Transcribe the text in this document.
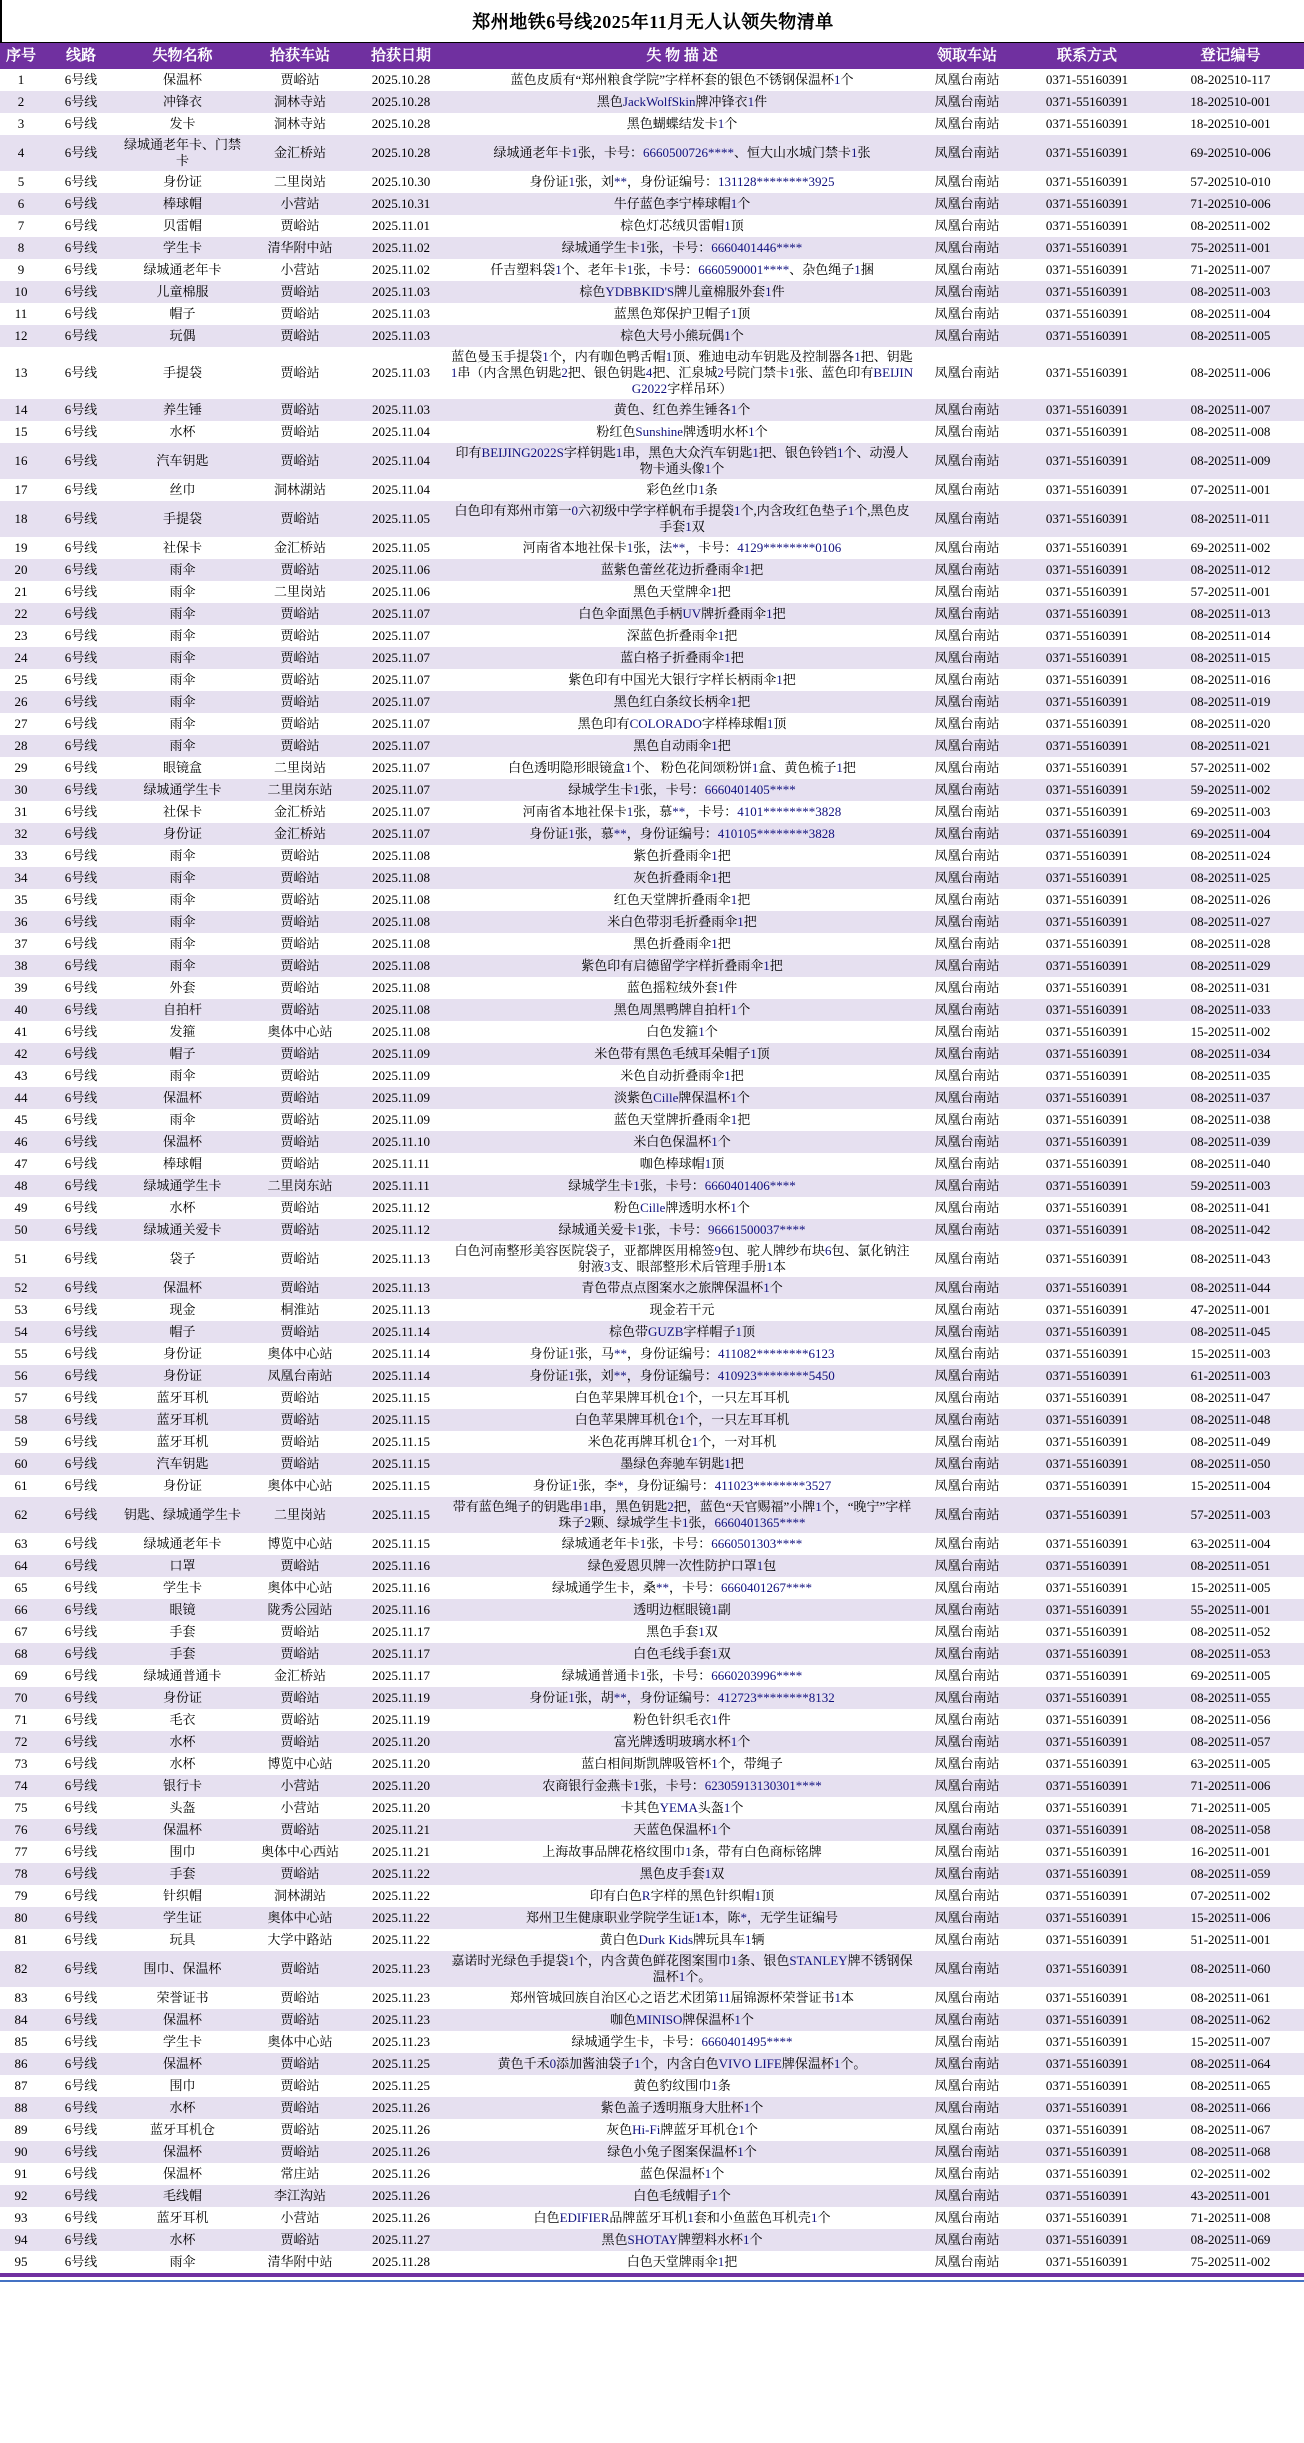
郑州地铁6号线2025年11月无人认领失物清单
序号	线路	失物名称	拾获车站	拾获日期	失 物 描 述	领取车站	联系方式	登记编号
1	6号线	保温杯	贾峪站	2025.10.28	蓝色皮质有“郑州粮食学院”字样杯套的银色不锈钢保温杯1个	凤凰台南站	0371-55160391	08-202510-117
2	6号线	冲锋衣	洞林寺站	2025.10.28	黑色JackWolfSkin牌冲锋衣1件	凤凰台南站	0371-55160391	18-202510-001
3	6号线	发卡	洞林寺站	2025.10.28	黑色蝴蝶结发卡1个	凤凰台南站	0371-55160391	18-202510-001
4	6号线	绿城通老年卡、门禁卡	金汇桥站	2025.10.28	绿城通老年卡1张，卡号：6660500726****、恒大山水城门禁卡1张	凤凰台南站	0371-55160391	69-202510-006
5	6号线	身份证	二里岗站	2025.10.30	身份证1张，刘**，身份证编号：131128********3925	凤凰台南站	0371-55160391	57-202510-010
6	6号线	棒球帽	小营站	2025.10.31	牛仔蓝色李宁棒球帽1个	凤凰台南站	0371-55160391	71-202510-006
7	6号线	贝雷帽	贾峪站	2025.11.01	棕色灯芯绒贝雷帽1顶	凤凰台南站	0371-55160391	08-202511-002
8	6号线	学生卡	清华附中站	2025.11.02	绿城通学生卡1张，卡号：6660401446****	凤凰台南站	0371-55160391	75-202511-001
9	6号线	绿城通老年卡	小营站	2025.11.02	仟吉塑料袋1个、老年卡1张，卡号：6660590001****、杂色绳子1捆	凤凰台南站	0371-55160391	71-202511-007
10	6号线	儿童棉服	贾峪站	2025.11.03	棕色YDBBKID'S牌儿童棉服外套1件	凤凰台南站	0371-55160391	08-202511-003
11	6号线	帽子	贾峪站	2025.11.03	蓝黑色郑保护卫帽子1顶	凤凰台南站	0371-55160391	08-202511-004
12	6号线	玩偶	贾峪站	2025.11.03	棕色大号小熊玩偶1个	凤凰台南站	0371-55160391	08-202511-005
13	6号线	手提袋	贾峪站	2025.11.03	蓝色曼玉手提袋1个，内有咖色鸭舌帽1顶、雅迪电动车钥匙及控制器各1把、钥匙1串（内含黑色钥匙2把、银色钥匙4把、汇泉城2号院门禁卡1张、蓝色印有BEIJING2022字样吊环）	凤凰台南站	0371-55160391	08-202511-006
14	6号线	养生锤	贾峪站	2025.11.03	黄色、红色养生锤各1个	凤凰台南站	0371-55160391	08-202511-007
15	6号线	水杯	贾峪站	2025.11.04	粉红色Sunshine牌透明水杯1个	凤凰台南站	0371-55160391	08-202511-008
16	6号线	汽车钥匙	贾峪站	2025.11.04	印有BEIJING2022S字样钥匙1串，黑色大众汽车钥匙1把、银色铃铛1个、动漫人物卡通头像1个	凤凰台南站	0371-55160391	08-202511-009
17	6号线	丝巾	洞林湖站	2025.11.04	彩色丝巾1条	凤凰台南站	0371-55160391	07-202511-001
18	6号线	手提袋	贾峪站	2025.11.05	白色印有郑州市第一0六初级中学字样帆布手提袋1个,内含玫红色垫子1个,黑色皮手套1双	凤凰台南站	0371-55160391	08-202511-011
19	6号线	社保卡	金汇桥站	2025.11.05	河南省本地社保卡1张，法**，卡号：4129********0106	凤凰台南站	0371-55160391	69-202511-002
20	6号线	雨伞	贾峪站	2025.11.06	蓝紫色蕾丝花边折叠雨伞1把	凤凰台南站	0371-55160391	08-202511-012
21	6号线	雨伞	二里岗站	2025.11.06	黑色天堂牌伞1把	凤凰台南站	0371-55160391	57-202511-001
22	6号线	雨伞	贾峪站	2025.11.07	白色伞面黑色手柄UV牌折叠雨伞1把	凤凰台南站	0371-55160391	08-202511-013
23	6号线	雨伞	贾峪站	2025.11.07	深蓝色折叠雨伞1把	凤凰台南站	0371-55160391	08-202511-014
24	6号线	雨伞	贾峪站	2025.11.07	蓝白格子折叠雨伞1把	凤凰台南站	0371-55160391	08-202511-015
25	6号线	雨伞	贾峪站	2025.11.07	紫色印有中国光大银行字样长柄雨伞1把	凤凰台南站	0371-55160391	08-202511-016
26	6号线	雨伞	贾峪站	2025.11.07	黑色红白条纹长柄伞1把	凤凰台南站	0371-55160391	08-202511-019
27	6号线	雨伞	贾峪站	2025.11.07	黑色印有COLORADO字样棒球帽1顶	凤凰台南站	0371-55160391	08-202511-020
28	6号线	雨伞	贾峪站	2025.11.07	黑色自动雨伞1把	凤凰台南站	0371-55160391	08-202511-021
29	6号线	眼镜盒	二里岗站	2025.11.07	白色透明隐形眼镜盒1个、 粉色花间颂粉饼1盒、黄色梳子1把	凤凰台南站	0371-55160391	57-202511-002
30	6号线	绿城通学生卡	二里岗东站	2025.11.07	绿城学生卡1张，卡号：6660401405****	凤凰台南站	0371-55160391	59-202511-002
31	6号线	社保卡	金汇桥站	2025.11.07	河南省本地社保卡1张，慕**，卡号：4101********3828	凤凰台南站	0371-55160391	69-202511-003
32	6号线	身份证	金汇桥站	2025.11.07	身份证1张，慕**，身份证编号：410105********3828	凤凰台南站	0371-55160391	69-202511-004
33	6号线	雨伞	贾峪站	2025.11.08	紫色折叠雨伞1把	凤凰台南站	0371-55160391	08-202511-024
34	6号线	雨伞	贾峪站	2025.11.08	灰色折叠雨伞1把	凤凰台南站	0371-55160391	08-202511-025
35	6号线	雨伞	贾峪站	2025.11.08	红色天堂牌折叠雨伞1把	凤凰台南站	0371-55160391	08-202511-026
36	6号线	雨伞	贾峪站	2025.11.08	米白色带羽毛折叠雨伞1把	凤凰台南站	0371-55160391	08-202511-027
37	6号线	雨伞	贾峪站	2025.11.08	黑色折叠雨伞1把	凤凰台南站	0371-55160391	08-202511-028
38	6号线	雨伞	贾峪站	2025.11.08	紫色印有启德留学字样折叠雨伞1把	凤凰台南站	0371-55160391	08-202511-029
39	6号线	外套	贾峪站	2025.11.08	蓝色摇粒绒外套1件	凤凰台南站	0371-55160391	08-202511-031
40	6号线	自拍杆	贾峪站	2025.11.08	黑色周黑鸭牌自拍杆1个	凤凰台南站	0371-55160391	08-202511-033
41	6号线	发箍	奥体中心站	2025.11.08	白色发箍1个	凤凰台南站	0371-55160391	15-202511-002
42	6号线	帽子	贾峪站	2025.11.09	米色带有黑色毛绒耳朵帽子1顶	凤凰台南站	0371-55160391	08-202511-034
43	6号线	雨伞	贾峪站	2025.11.09	米色自动折叠雨伞1把	凤凰台南站	0371-55160391	08-202511-035
44	6号线	保温杯	贾峪站	2025.11.09	淡紫色Cille牌保温杯1个	凤凰台南站	0371-55160391	08-202511-037
45	6号线	雨伞	贾峪站	2025.11.09	蓝色天堂牌折叠雨伞1把	凤凰台南站	0371-55160391	08-202511-038
46	6号线	保温杯	贾峪站	2025.11.10	米白色保温杯1个	凤凰台南站	0371-55160391	08-202511-039
47	6号线	棒球帽	贾峪站	2025.11.11	咖色棒球帽1顶	凤凰台南站	0371-55160391	08-202511-040
48	6号线	绿城通学生卡	二里岗东站	2025.11.11	绿城学生卡1张，卡号：6660401406****	凤凰台南站	0371-55160391	59-202511-003
49	6号线	水杯	贾峪站	2025.11.12	粉色Cille牌透明水杯1个	凤凰台南站	0371-55160391	08-202511-041
50	6号线	绿城通关爱卡	贾峪站	2025.11.12	绿城通关爱卡1张，卡号：96661500037****	凤凰台南站	0371-55160391	08-202511-042
51	6号线	袋子	贾峪站	2025.11.13	白色河南整形美容医院袋子，亚都牌医用棉签9包、驼人牌纱布块6包、氯化钠注射液3支、眼部整形术后管理手册1本	凤凰台南站	0371-55160391	08-202511-043
52	6号线	保温杯	贾峪站	2025.11.13	青色带点点图案水之旅牌保温杯1个	凤凰台南站	0371-55160391	08-202511-044
53	6号线	现金	桐淮站	2025.11.13	现金若干元	凤凰台南站	0371-55160391	47-202511-001
54	6号线	帽子	贾峪站	2025.11.14	棕色带GUZB字样帽子1顶	凤凰台南站	0371-55160391	08-202511-045
55	6号线	身份证	奥体中心站	2025.11.14	身份证1张，马**，身份证编号：411082********6123	凤凰台南站	0371-55160391	15-202511-003
56	6号线	身份证	凤凰台南站	2025.11.14	身份证1张，刘**，身份证编号：410923********5450	凤凰台南站	0371-55160391	61-202511-003
57	6号线	蓝牙耳机	贾峪站	2025.11.15	白色苹果牌耳机仓1个，一只左耳耳机	凤凰台南站	0371-55160391	08-202511-047
58	6号线	蓝牙耳机	贾峪站	2025.11.15	白色苹果牌耳机仓1个，一只左耳耳机	凤凰台南站	0371-55160391	08-202511-048
59	6号线	蓝牙耳机	贾峪站	2025.11.15	米色花再牌耳机仓1个，一对耳机	凤凰台南站	0371-55160391	08-202511-049
60	6号线	汽车钥匙	贾峪站	2025.11.15	墨绿色奔驰车钥匙1把	凤凰台南站	0371-55160391	08-202511-050
61	6号线	身份证	奥体中心站	2025.11.15	身份证1张，李*，身份证编号：411023********3527	凤凰台南站	0371-55160391	15-202511-004
62	6号线	钥匙、绿城通学生卡	二里岗站	2025.11.15	带有蓝色绳子的钥匙串1串，黑色钥匙2把，蓝色“天官赐福”小牌1个，“晚宁”字样珠子2颗、绿城学生卡1张，6660401365****	凤凰台南站	0371-55160391	57-202511-003
63	6号线	绿城通老年卡	博览中心站	2025.11.15	绿城通老年卡1张，卡号：6660501303****	凤凰台南站	0371-55160391	63-202511-004
64	6号线	口罩	贾峪站	2025.11.16	绿色爱恩贝牌一次性防护口罩1包	凤凰台南站	0371-55160391	08-202511-051
65	6号线	学生卡	奥体中心站	2025.11.16	绿城通学生卡，桑**，卡号：6660401267****	凤凰台南站	0371-55160391	15-202511-005
66	6号线	眼镜	陇秀公园站	2025.11.16	透明边框眼镜1副	凤凰台南站	0371-55160391	55-202511-001
67	6号线	手套	贾峪站	2025.11.17	黑色手套1双	凤凰台南站	0371-55160391	08-202511-052
68	6号线	手套	贾峪站	2025.11.17	白色毛线手套1双	凤凰台南站	0371-55160391	08-202511-053
69	6号线	绿城通普通卡	金汇桥站	2025.11.17	绿城通普通卡1张，卡号：6660203996****	凤凰台南站	0371-55160391	69-202511-005
70	6号线	身份证	贾峪站	2025.11.19	身份证1张，胡**，身份证编号：412723********8132	凤凰台南站	0371-55160391	08-202511-055
71	6号线	毛衣	贾峪站	2025.11.19	粉色针织毛衣1件	凤凰台南站	0371-55160391	08-202511-056
72	6号线	水杯	贾峪站	2025.11.20	富光牌透明玻璃水杯1个	凤凰台南站	0371-55160391	08-202511-057
73	6号线	水杯	博览中心站	2025.11.20	蓝白相间斯凯牌吸管杯1个，带绳子	凤凰台南站	0371-55160391	63-202511-005
74	6号线	银行卡	小营站	2025.11.20	农商银行金燕卡1张，卡号：62305913130301****	凤凰台南站	0371-55160391	71-202511-006
75	6号线	头盔	小营站	2025.11.20	卡其色YEMA头盔1个	凤凰台南站	0371-55160391	71-202511-005
76	6号线	保温杯	贾峪站	2025.11.21	天蓝色保温杯1个	凤凰台南站	0371-55160391	08-202511-058
77	6号线	围巾	奥体中心西站	2025.11.21	上海故事品牌花格纹围巾1条，带有白色商标铭牌	凤凰台南站	0371-55160391	16-202511-001
78	6号线	手套	贾峪站	2025.11.22	黑色皮手套1双	凤凰台南站	0371-55160391	08-202511-059
79	6号线	针织帽	洞林湖站	2025.11.22	印有白色R字样的黑色针织帽1顶	凤凰台南站	0371-55160391	07-202511-002
80	6号线	学生证	奥体中心站	2025.11.22	郑州卫生健康职业学院学生证1本，陈*，无学生证编号	凤凰台南站	0371-55160391	15-202511-006
81	6号线	玩具	大学中路站	2025.11.22	黄白色Durk Kids牌玩具车1辆	凤凰台南站	0371-55160391	51-202511-001
82	6号线	围巾、保温杯	贾峪站	2025.11.23	嘉诺时光绿色手提袋1个，内含黄色鲜花图案围巾1条、银色STANLEY牌不锈钢保温杯1个。	凤凰台南站	0371-55160391	08-202511-060
83	6号线	荣誉证书	贾峪站	2025.11.23	郑州管城回族自治区心之语艺术团第11届锦源杯荣誉证书1本	凤凰台南站	0371-55160391	08-202511-061
84	6号线	保温杯	贾峪站	2025.11.23	咖色MINISO牌保温杯1个	凤凰台南站	0371-55160391	08-202511-062
85	6号线	学生卡	奥体中心站	2025.11.23	绿城通学生卡，卡号：6660401495****	凤凰台南站	0371-55160391	15-202511-007
86	6号线	保温杯	贾峪站	2025.11.25	黄色千禾0添加酱油袋子1个，内含白色VIVO LIFE牌保温杯1个。	凤凰台南站	0371-55160391	08-202511-064
87	6号线	围巾	贾峪站	2025.11.25	黄色豹纹围巾1条	凤凰台南站	0371-55160391	08-202511-065
88	6号线	水杯	贾峪站	2025.11.26	紫色盖子透明瓶身大肚杯1个	凤凰台南站	0371-55160391	08-202511-066
89	6号线	蓝牙耳机仓	贾峪站	2025.11.26	灰色Hi-Fi牌蓝牙耳机仓1个	凤凰台南站	0371-55160391	08-202511-067
90	6号线	保温杯	贾峪站	2025.11.26	绿色小兔子图案保温杯1个	凤凰台南站	0371-55160391	08-202511-068
91	6号线	保温杯	常庄站	2025.11.26	蓝色保温杯1个	凤凰台南站	0371-55160391	02-202511-002
92	6号线	毛线帽	李江沟站	2025.11.26	白色毛绒帽子1个	凤凰台南站	0371-55160391	43-202511-001
93	6号线	蓝牙耳机	小营站	2025.11.26	白色EDIFIER品牌蓝牙耳机1套和小鱼蓝色耳机壳1个	凤凰台南站	0371-55160391	71-202511-008
94	6号线	水杯	贾峪站	2025.11.27	黑色SHOTAY牌塑料水杯1个	凤凰台南站	0371-55160391	08-202511-069
95	6号线	雨伞	清华附中站	2025.11.28	白色天堂牌雨伞1把	凤凰台南站	0371-55160391	75-202511-002
